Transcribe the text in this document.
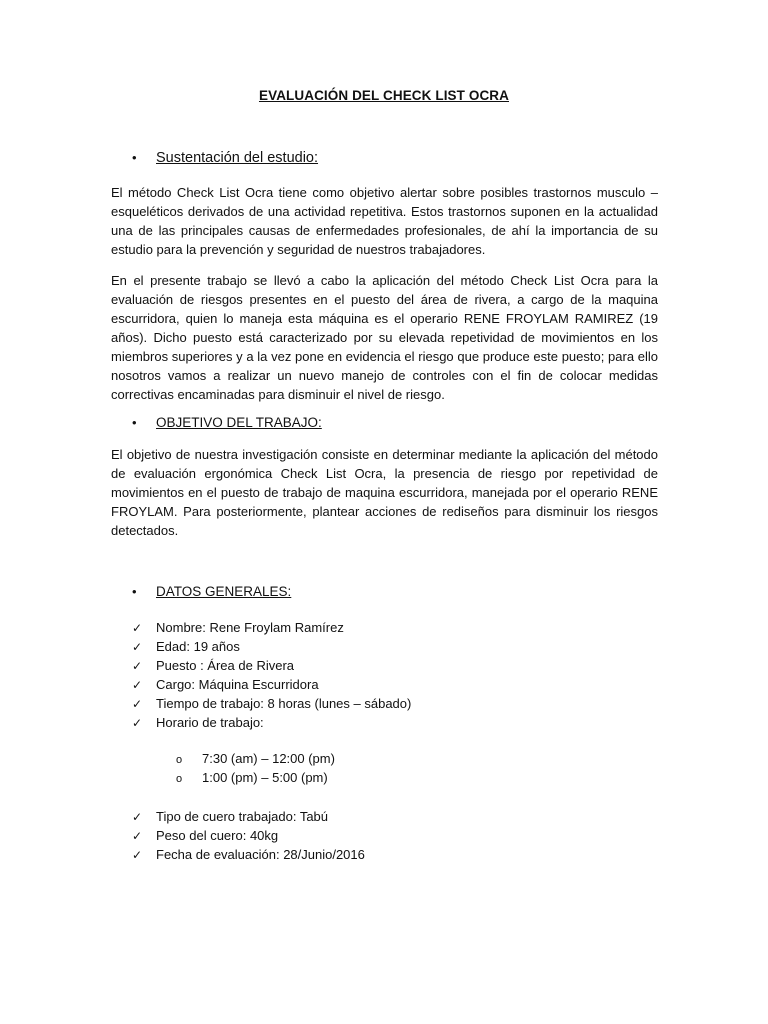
EVALUACIÓN DEL CHECK LIST OCRA
•	Sustentación del estudio:

El método Check List Ocra tiene como objetivo alertar sobre posibles trastornos musculo – esqueléticos derivados de una actividad repetitiva. Estos trastornos suponen en la actualidad una de las principales causas de enfermedades profesionales, de ahí la importancia de su estudio para la prevención y seguridad de nuestros trabajadores.

En el presente trabajo se llevó a cabo la aplicación del método Check List Ocra para la evaluación de riesgos presentes en el puesto del área de rivera, a cargo de la maquina escurridora, quien lo maneja esta máquina es el operario RENE FROYLAM RAMIREZ (19 años). Dicho puesto está caracterizado por su elevada repetividad de movimientos en los miembros superiores y a la vez pone en evidencia el riesgo que produce este puesto; para ello nosotros vamos a realizar un nuevo manejo de controles con el fin de colocar medidas correctivas encaminadas para disminuir el nivel de riesgo.

•	OBJETIVO DEL TRABAJO:

El objetivo de nuestra investigación consiste en determinar mediante la aplicación del método de evaluación ergonómica Check List Ocra, la presencia de riesgo por repetividad de movimientos en el puesto de trabajo de maquina escurridora, manejada por el operario RENE FROYLAM. Para posteriormente, plantear acciones de rediseños para disminuir los riesgos detectados.

•	DATOS GENERALES:
✓	Nombre: Rene Froylam Ramírez
✓	Edad: 19 años
✓	Puesto : Área de Rivera
✓	Cargo: Máquina Escurridora
✓	Tiempo de trabajo: 8 horas (lunes – sábado)
✓	Horario de trabajo:
o	7:30 (am) – 12:00 (pm)
o	1:00 (pm) – 5:00 (pm)
✓	Tipo de cuero trabajado: Tabú
✓	Peso del cuero: 40kg
✓	Fecha de evaluación: 28/Junio/2016
